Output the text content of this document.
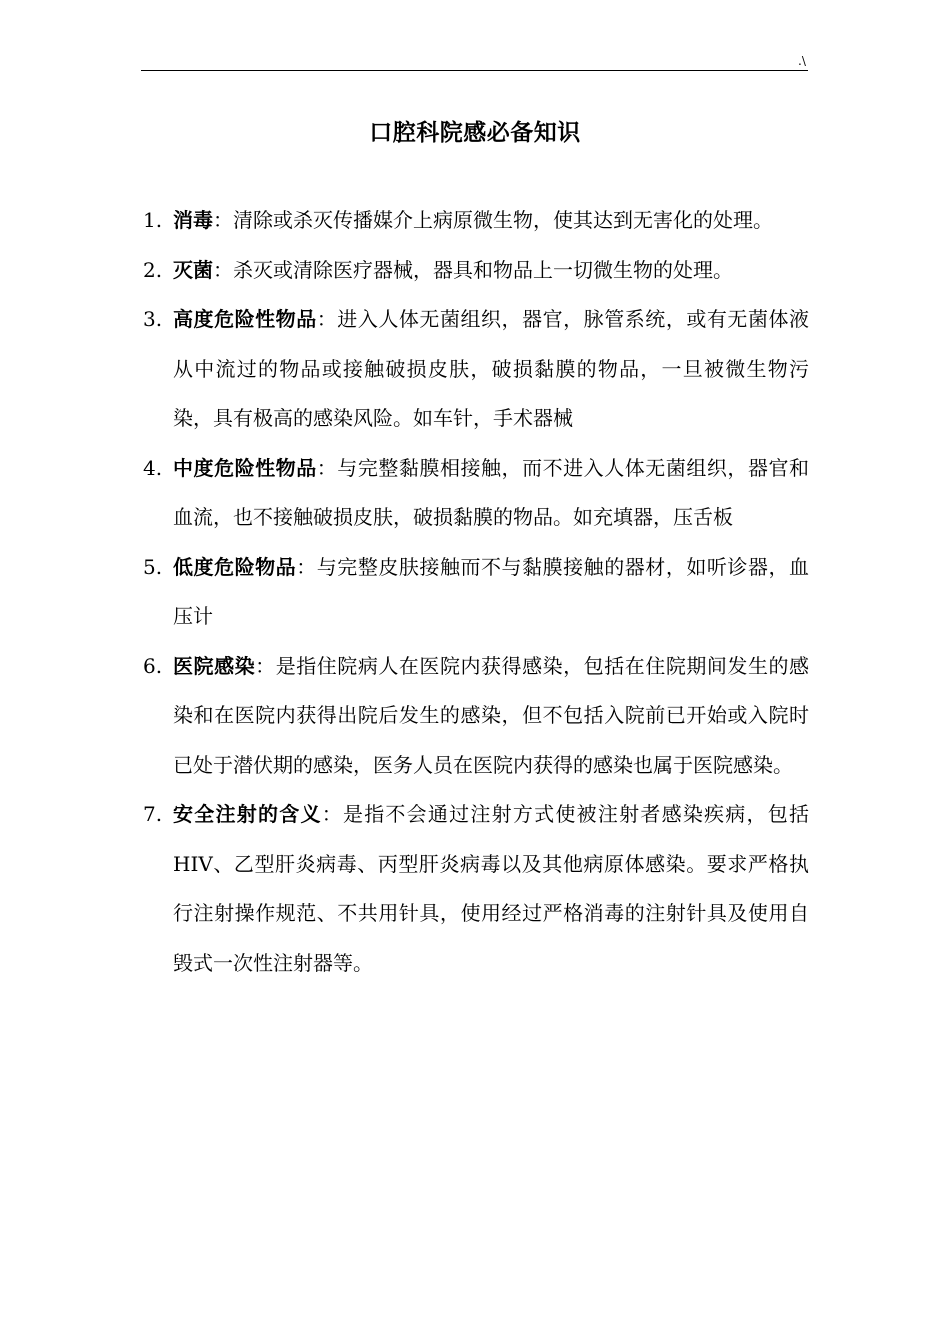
.\
口腔科院感必备知识
1. 消毒：清除或杀灭传播媒介上病原微生物，使其达到无害化的处理。
2. 灭菌：杀灭或清除医疗器械，器具和物品上一切微生物的处理。
3. 高度危险性物品：进入人体无菌组织，器官，脉管系统，或有无菌体液从中流过的物品或接触破损皮肤，破损黏膜的物品，一旦被微生物污染，具有极高的感染风险。如车针，手术器械
4. 中度危险性物品：与完整黏膜相接触，而不进入人体无菌组织，器官和血流，也不接触破损皮肤，破损黏膜的物品。如充填器，压舌板
5. 低度危险物品：与完整皮肤接触而不与黏膜接触的器材，如听诊器，血压计
6. 医院感染：是指住院病人在医院内获得感染，包括在住院期间发生的感染和在医院内获得出院后发生的感染，但不包括入院前已开始或入院时已处于潜伏期的感染，医务人员在医院内获得的感染也属于医院感染。
7. 安全注射的含义：是指不会通过注射方式使被注射者感染疾病，包括HIV、乙型肝炎病毒、丙型肝炎病毒以及其他病原体感染。要求严格执行注射操作规范、不共用针具，使用经过严格消毒的注射针具及使用自毁式一次性注射器等。
